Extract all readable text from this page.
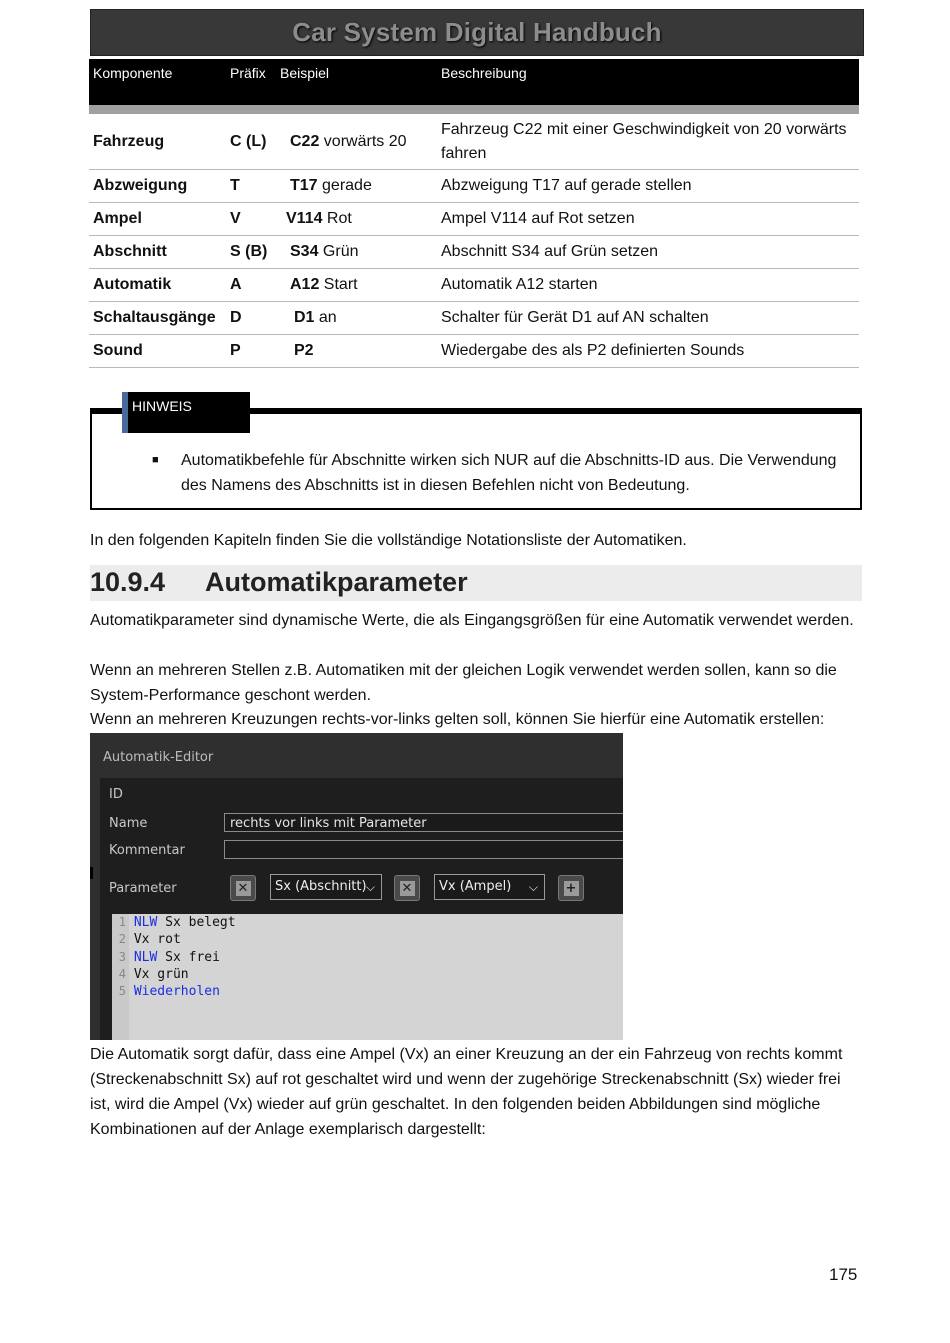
Car System Digital Handbuch
Komponente	Präfix	Beispiel	Beschreibung
Fahrzeug	C (L)	C22 vorwärts 20	Fahrzeug C22 mit einer Geschwindigkeit von 20 vorwärts fahren
Abzweigung	T	T17 gerade	Abzweigung T17 auf gerade stellen
Ampel	V	V114 Rot	Ampel V114 auf Rot setzen
Abschnitt	S (B)	S34 Grün	Abschnitt S34 auf Grün setzen
Automatik	A	A12 Start	Automatik A12 starten
Schaltausgänge	D	D1 an	Schalter für Gerät D1 auf AN schalten
Sound	P	P2	Wiedergabe des als P2 definierten Sounds
HINWEIS
■	Automatikbefehle für Abschnitte wirken sich NUR auf die Abschnitts-ID aus. Die Verwendung des Namens des Abschnitts ist in diesen Befehlen nicht von Bedeutung.
In den folgenden Kapiteln finden Sie die vollständige Notationsliste der Automatiken.
10.9.4 Automatikparameter
Automatikparameter sind dynamische Werte, die als Eingangsgrößen für eine Automatik verwendet werden.
Wenn an mehreren Stellen z.B. Automatiken mit der gleichen Logik verwendet werden sollen, kann so die System-Performance geschont werden.
Wenn an mehreren Kreuzungen rechts-vor-links gelten soll, können Sie hierfür eine Automatik erstellen:
Automatik-Editor
ID
Name	rechts vor links mit Parameter
Kommentar
Parameter	✕	Sx (Abschnitt) ⌵	✕	Vx (Ampel) ⌵	+
1 NLW Sx belegt
2 Vx rot
3 NLW Sx frei
4 Vx grün
5 Wiederholen
Die Automatik sorgt dafür, dass eine Ampel (Vx) an einer Kreuzung an der ein Fahrzeug von rechts kommt (Streckenabschnitt Sx) auf rot geschaltet wird und wenn der zugehörige Streckenabschnitt (Sx) wieder frei ist, wird die Ampel (Vx) wieder auf grün geschaltet. In den folgenden beiden Abbildungen sind mögliche Kombinationen auf der Anlage exemplarisch dargestellt:
175
